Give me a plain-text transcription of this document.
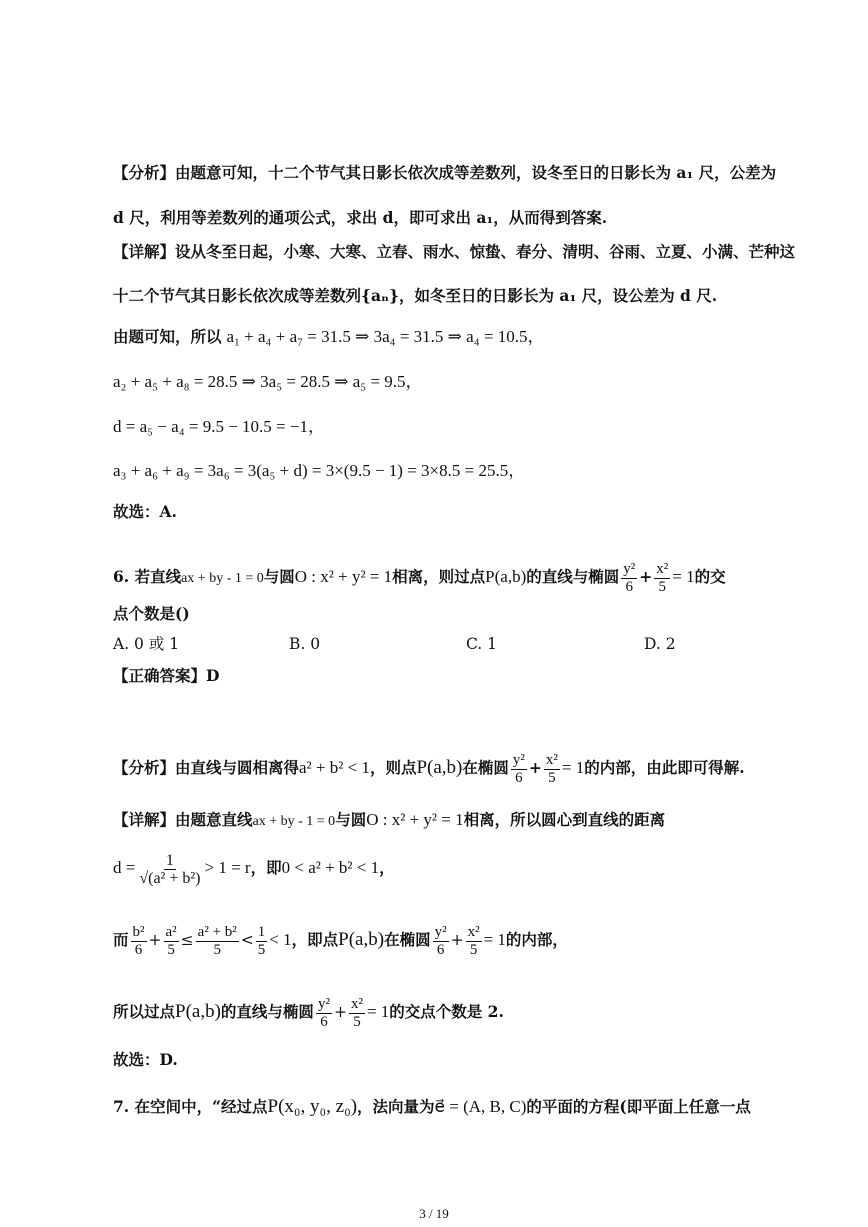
【分析】由题意可知，十二个节气其日影长依次成等差数列，设冬至日的日影长为 a₁ 尺，公差为
d 尺，利用等差数列的通项公式，求出 d，即可求出 a₁，从而得到答案.
【详解】设从冬至日起，小寒、大寒、立春、雨水、惊蛰、春分、清明、谷雨、立夏、小满、芒种这
十二个节气其日影长依次成等差数列{aₙ}，如冬至日的日影长为 a₁ 尺，设公差为 d 尺.
由题可知，所以 a₁ + a₄ + a₇ = 31.5 ⇒ 3a₄ = 31.5 ⇒ a₄ = 10.5，
a₂ + a₅ + a₈ = 28.5 ⇒ 3a₅ = 28.5 ⇒ a₅ = 9.5，
d = a₅ − a₄ = 9.5 − 10.5 = −1，
a₃ + a₆ + a₉ = 3a₆ = 3(a₅ + d) = 3×(9.5 − 1) = 3×8.5 = 25.5，
故选：A.
6. 若直线ax + by - 1 = 0与圆O : x² + y² = 1相离，则过点P(a,b)的直线与椭圆 $\frac{\text{y²}}{6} + \frac{\text{x²}}{5} = 1$的交
点个数是()
A. 0 或 1	B. 0	C. 1	D. 2
【正确答案】D
【分析】由直线与圆相离得a² + b² < 1，则点P(a,b)在椭圆 $\frac{\text{y²}}{6} + \frac{\text{x²}}{5} = 1$的内部，由此即可得解.
【详解】由题意直线ax + by - 1 = 0与圆O : x² + y² = 1相离，所以圆心到直线的距离
$d = \frac{1}{\text{√(a² + b²)}} > 1 = r$，即0 < a² + b² < 1，
而 $\frac{\text{b²}}{6} + \frac{\text{a²}}{5} \le \frac{\text{a² + b²}}{5} < \frac{1}{5} < 1$，即点P(a,b)在椭圆 $\frac{\text{y²}}{6} + \frac{\text{x²}}{5} = 1$的内部，
所以过点P(a,b)的直线与椭圆 $\frac{\text{y²}}{6} + \frac{\text{x²}}{5} = 1$的交点个数是 2.
故选：D.
7. 在空间中，“经过点P(x₀, y₀, z₀)，法向量为e⃗ = (A, B, C)的平面的方程(即平面上任意一点
3 / 19
